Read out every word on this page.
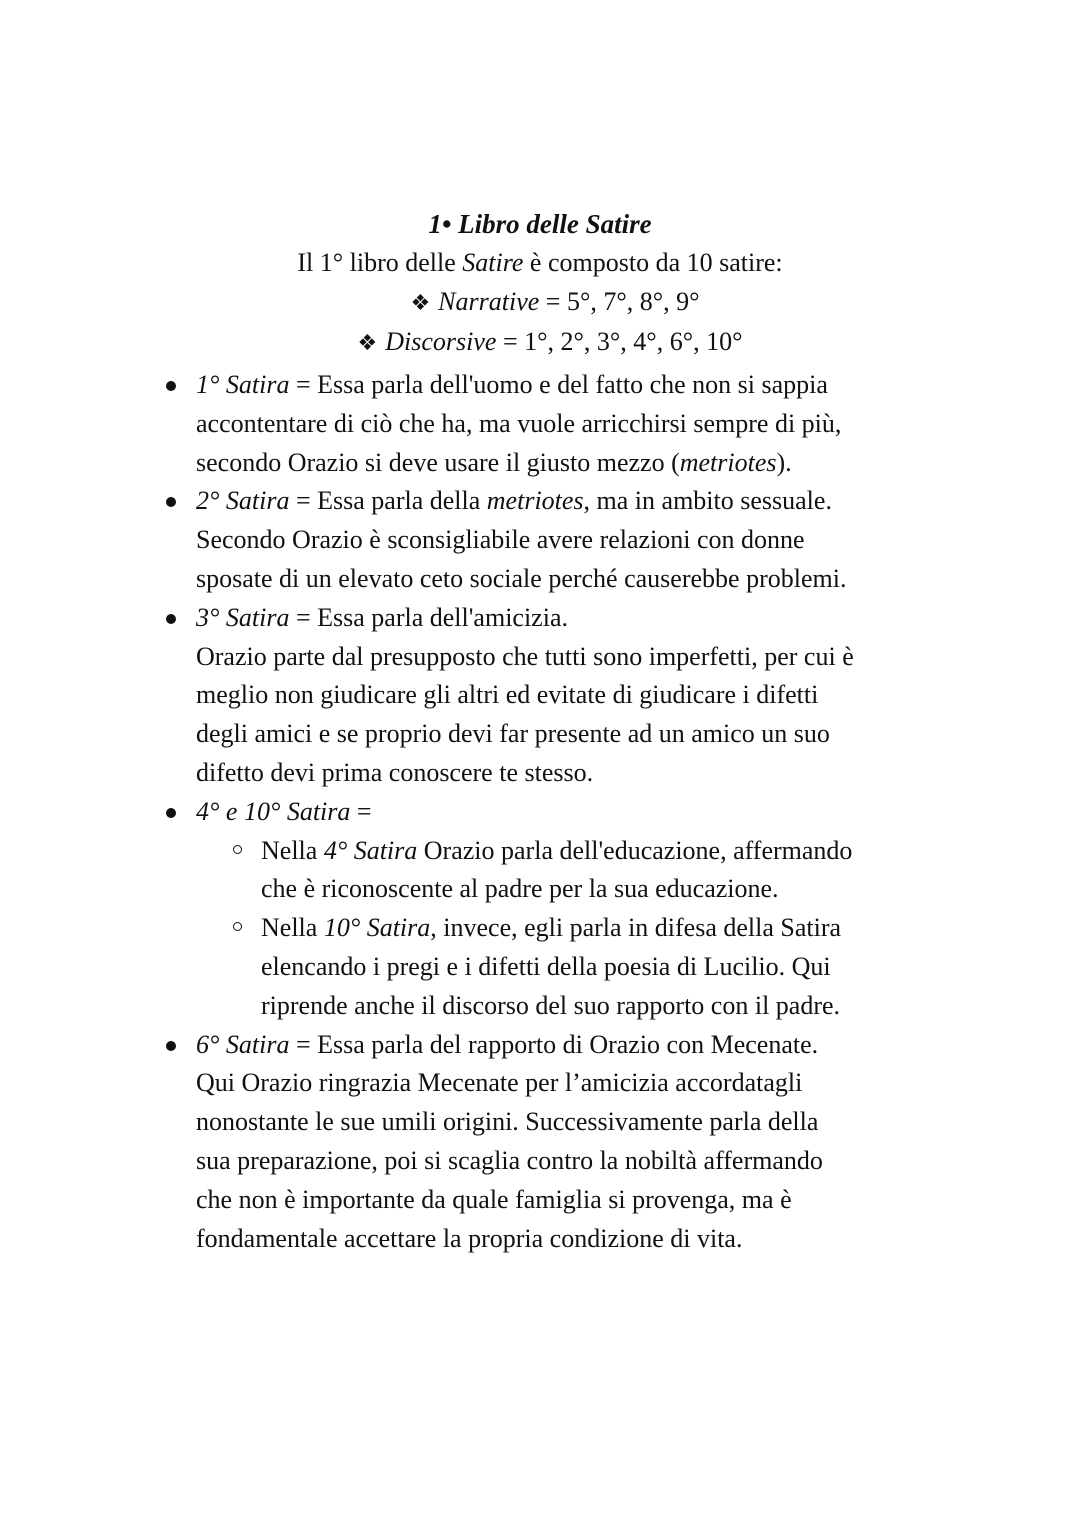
1• Libro delle Satire
Il 1° libro delle Satire è composto da 10 satire:
❖ Narrative = 5°, 7°, 8°, 9°
❖ Discorsive = 1°, 2°, 3°, 4°, 6°, 10°
1° Satira = Essa parla dell'uomo e del fatto che non si sappia
accontentare di ciò che ha, ma vuole arricchirsi sempre di più,
secondo Orazio si deve usare il giusto mezzo (metriotes).
2° Satira = Essa parla della metriotes, ma in ambito sessuale.
Secondo Orazio è sconsigliabile avere relazioni con donne
sposate di un elevato ceto sociale perché causerebbe problemi.
3° Satira = Essa parla dell'amicizia.
Orazio parte dal presupposto che tutti sono imperfetti, per cui è
meglio non giudicare gli altri ed evitate di giudicare i difetti
degli amici e se proprio devi far presente ad un amico un suo
difetto devi prima conoscere te stesso.
4° e 10° Satira =
Nella 4° Satira Orazio parla dell'educazione, affermando
che è riconoscente al padre per la sua educazione.
Nella 10° Satira, invece, egli parla in difesa della Satira
elencando i pregi e i difetti della poesia di Lucilio. Qui
riprende anche il discorso del suo rapporto con il padre.
6° Satira = Essa parla del rapporto di Orazio con Mecenate.
Qui Orazio ringrazia Mecenate per l’amicizia accordatagli
nonostante le sue umili origini. Successivamente parla della
sua preparazione, poi si scaglia contro la nobiltà affermando
che non è importante da quale famiglia si provenga, ma è
fondamentale accettare la propria condizione di vita.
